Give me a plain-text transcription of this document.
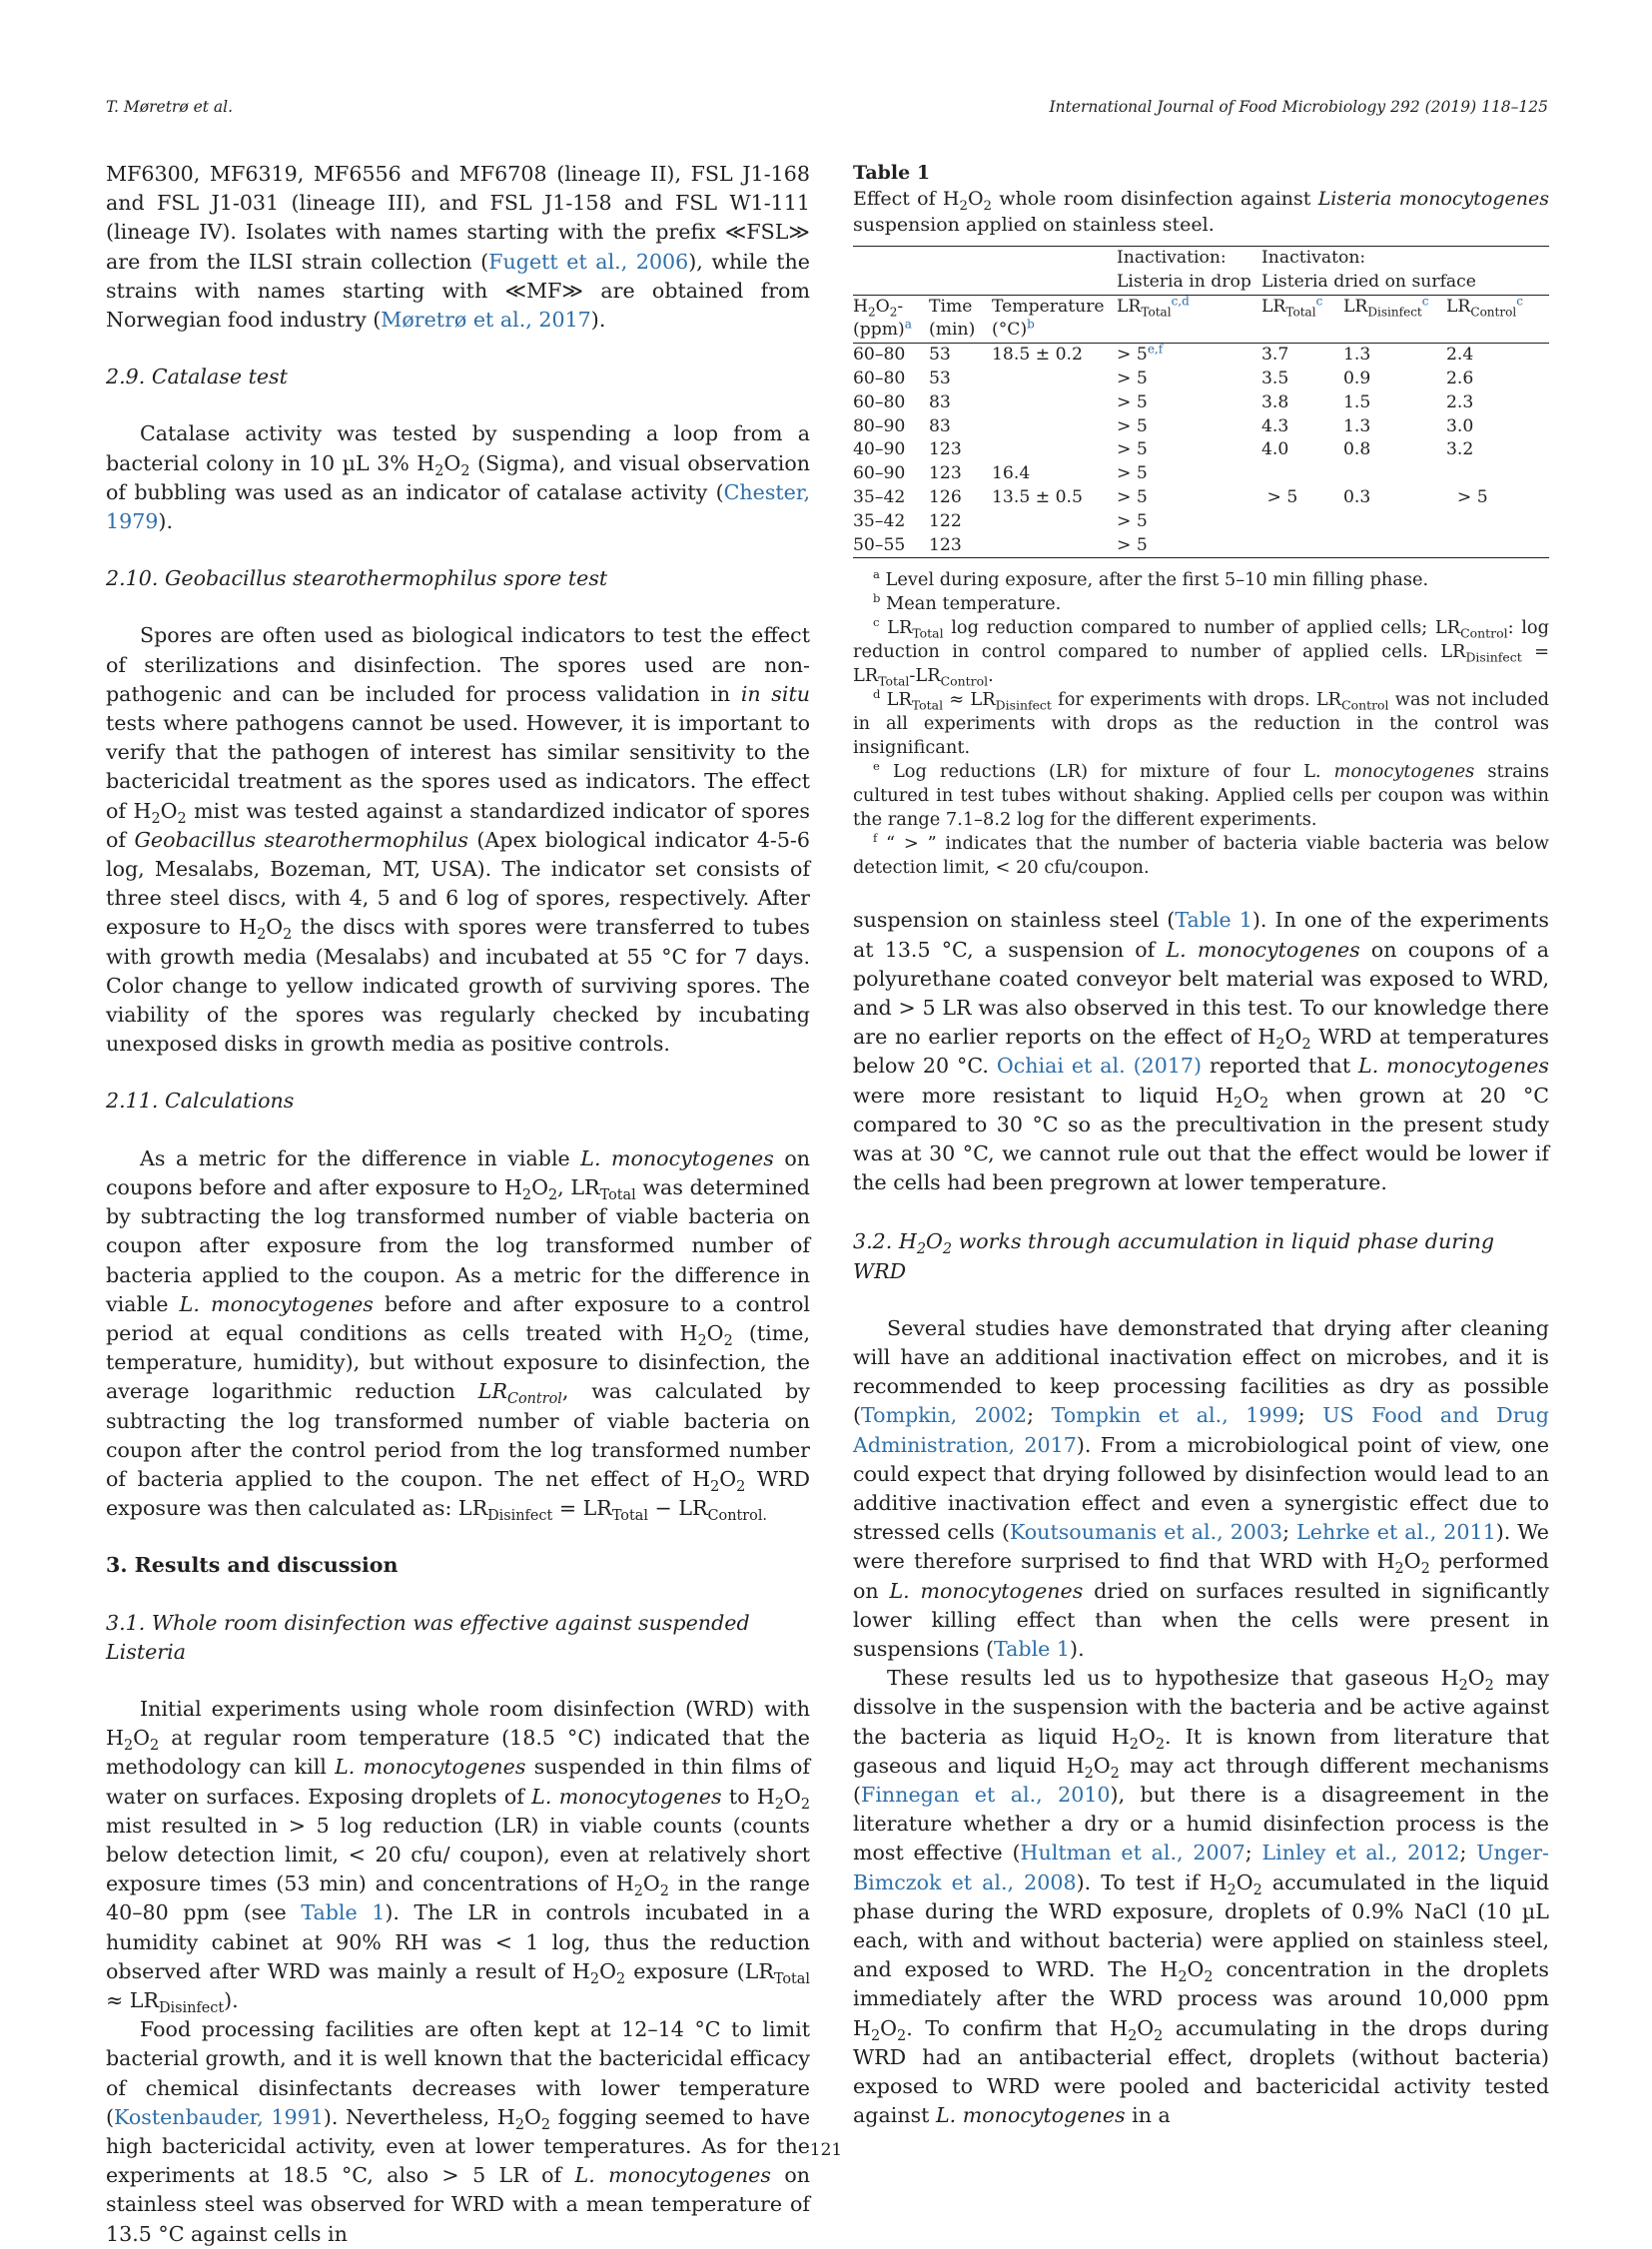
T. Møretrø et al.	International Journal of Food Microbiology 292 (2019) 118–125

MF6300, MF6319, MF6556 and MF6708 (lineage II), FSL J1-168 and FSL J1-031 (lineage III), and FSL J1-158 and FSL W1-111 (lineage IV). Isolates with names starting with the prefix ≪FSL≫ are from the ILSI strain collection (Fugett et al., 2006), while the strains with names starting with ≪MF≫ are obtained from Norwegian food industry (Møretrø et al., 2017).

2.9. Catalase test

Catalase activity was tested by suspending a loop from a bacterial colony in 10 µL 3% $H_2O_2$ (Sigma), and visual observation of bubbling was used as an indicator of catalase activity (Chester, 1979).

2.10. Geobacillus stearothermophilus spore test

Spores are often used as biological indicators to test the effect of sterilizations and disinfection. The spores used are non-pathogenic and can be included for process validation in in situ tests where pathogens cannot be used. However, it is important to verify that the pathogen of interest has similar sensitivity to the bactericidal treatment as the spores used as indicators. The effect of $H_2O_2$ mist was tested against a standardized indicator of spores of Geobacillus stearothermophilus (Apex biological indicator 4-5-6 log, Mesalabs, Bozeman, MT, USA). The indicator set consists of three steel discs, with 4, 5 and 6 log of spores, respectively. After exposure to $H_2O_2$ the discs with spores were transferred to tubes with growth media (Mesalabs) and incubated at 55 °C for 7 days. Color change to yellow indicated growth of surviving spores. The viability of the spores was regularly checked by incubating unexposed disks in growth media as positive controls.

2.11. Calculations

As a metric for the difference in viable L. monocytogenes on coupons before and after exposure to $H_2O_2$, $LR_{Total}$ was determined by subtracting the log transformed number of viable bacteria on coupon after exposure from the log transformed number of bacteria applied to the coupon. As a metric for the difference in viable L. monocytogenes before and after exposure to a control period at equal conditions as cells treated with $H_2O_2$ (time, temperature, humidity), but without exposure to disinfection, the average logarithmic reduction $LR_{Control}$, was calculated by subtracting the log transformed number of viable bacteria on coupon after the control period from the log transformed number of bacteria applied to the coupon. The net effect of $H_2O_2$ WRD exposure was then calculated as: $LR_{Disinfect} = LR_{Total} - LR_{Control.}$

3. Results and discussion
3.1. Whole room disinfection was effective against suspended Listeria

Initial experiments using whole room disinfection (WRD) with $H_2O_2$ at regular room temperature (18.5 °C) indicated that the methodology can kill L. monocytogenes suspended in thin films of water on surfaces. Exposing droplets of L. monocytogenes to $H_2O_2$ mist resulted in > 5 log reduction (LR) in viable counts (counts below detection limit, < 20 cfu/ coupon), even at relatively short exposure times (53 min) and concentrations of $H_2O_2$ in the range 40–80 ppm (see Table 1). The LR in controls incubated in a humidity cabinet at 90% RH was < 1 log, thus the reduction observed after WRD was mainly a result of $H_2O_2$ exposure $(LR_{Total} \approx LR_{Disinfect})$.

Food processing facilities are often kept at 12–14 °C to limit bacterial growth, and it is well known that the bactericidal efficacy of chemical disinfectants decreases with lower temperature (Kostenbauder, 1991). Nevertheless, $H_2O_2$ fogging seemed to have high bactericidal activity, even at lower temperatures. As for the experiments at 18.5 °C, also > 5 LR of L. monocytogenes on stainless steel was observed for WRD with a mean temperature of 13.5 °C against cells in

Table 1
Effect of $H_2O_2$ whole room disinfection against Listeria monocytogenes suspension applied on stainless steel.
			Inactivation:
Listeria in drop	Inactivaton:
Listeria dried on surface		
$H_2O_2-$
(ppm)$^a$	Time
(min)	Temperature
$(^\circ C)^b$	$LR_{Total}^{c,d}$	$LR_{Total}^c$	$LR_{Disinfect}^c$	$LR_{Control}^c$
60–80	53	18.5 ± 0.2	> $5^{e,f}$	3.7	1.3	2.4
60–80	53		> 5	3.5	0.9	2.6
60–80	83		> 5	3.8	1.5	2.3
80–90	83		> 5	4.3	1.3	3.0
40–90	123		> 5	4.0	0.8	3.2
60–90	123	16.4	> 5			
35–42	126	13.5 ± 0.5	> 5	> 5	0.3	> 5
35–42	122		> 5			
50–55	123		> 5			

$^a$ Level during exposure, after the first 5–10 min filling phase.

$^b$ Mean temperature.

$^c$ $LR_{Total}$ log reduction compared to number of applied cells; $LR_{Control}$: log reduction in control compared to number of applied cells. $LR_{Disinfect} = LR_{Total}-LR_{Control}$.

$^d$ $LR_{Total} \approx LR_{Disinfect}$ for experiments with drops. $LR_{Control}$ was not included in all experiments with drops as the reduction in the control was insignificant.

$^e$ Log reductions (LR) for mixture of four L. monocytogenes strains cultured in test tubes without shaking. Applied cells per coupon was within the range 7.1–8.2 log for the different experiments.

$^f$ “ > ” indicates that the number of bacteria viable bacteria was below detection limit, < 20 cfu/coupon.

suspension on stainless steel (Table 1). In one of the experiments at 13.5 °C, a suspension of L. monocytogenes on coupons of a polyurethane coated conveyor belt material was exposed to WRD, and > 5 LR was also observed in this test. To our knowledge there are no earlier reports on the effect of $H_2O_2$ WRD at temperatures below 20 °C. Ochiai et al. (2017) reported that L. monocytogenes were more resistant to liquid $H_2O_2$ when grown at 20 °C compared to 30 °C so as the precultivation in the present study was at 30 °C, we cannot rule out that the effect would be lower if the cells had been pregrown at lower temperature.

3.2. $H_2O_2$ works through accumulation in liquid phase during WRD

Several studies have demonstrated that drying after cleaning will have an additional inactivation effect on microbes, and it is recommended to keep processing facilities as dry as possible (Tompkin, 2002; Tompkin et al., 1999; US Food and Drug Administration, 2017). From a microbiological point of view, one could expect that drying followed by disinfection would lead to an additive inactivation effect and even a synergistic effect due to stressed cells (Koutsoumanis et al., 2003; Lehrke et al., 2011). We were therefore surprised to find that WRD with $H_2O_2$ performed on L. monocytogenes dried on surfaces resulted in significantly lower killing effect than when the cells were present in suspensions (Table 1).

These results led us to hypothesize that gaseous $H_2O_2$ may dissolve in the suspension with the bacteria and be active against the bacteria as liquid $H_2O_2$. It is known from literature that gaseous and liquid $H_2O_2$ may act through different mechanisms (Finnegan et al., 2010), but there is a disagreement in the literature whether a dry or a humid disinfection process is the most effective (Hultman et al., 2007; Linley et al., 2012; Unger-Bimczok et al., 2008). To test if $H_2O_2$ accumulated in the liquid phase during the WRD exposure, droplets of 0.9% NaCl (10 µL each, with and without bacteria) were applied on stainless steel, and exposed to WRD. The $H_2O_2$ concentration in the droplets immediately after the WRD process was around 10,000 ppm $H_2O_2$. To confirm that $H_2O_2$ accumulating in the drops during WRD had an antibacterial effect, droplets (without bacteria) exposed to WRD were pooled and bactericidal activity tested against L. monocytogenes in a

121
